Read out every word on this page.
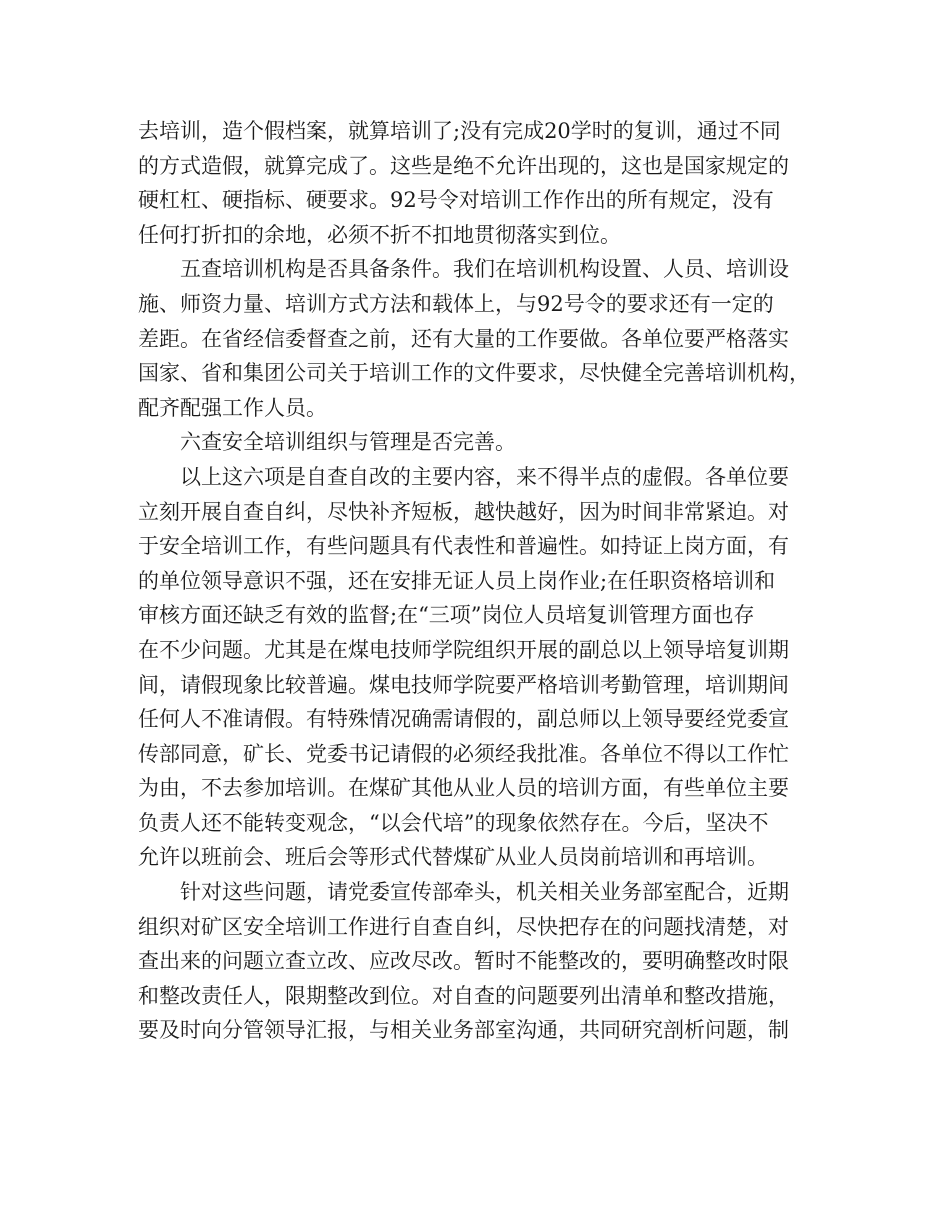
去培训，造个假档案，就算培训了;没有完成20学时的复训，通过不同
的方式造假，就算完成了。这些是绝不允许出现的，这也是国家规定的
硬杠杠、硬指标、硬要求。92号令对培训工作作出的所有规定，没有
任何打折扣的余地，必须不折不扣地贯彻落实到位。
五查培训机构是否具备条件。我们在培训机构设置、人员、培训设
施、师资力量、培训方式方法和载体上，与92号令的要求还有一定的
差距。在省经信委督查之前，还有大量的工作要做。各单位要严格落实
国家、省和集团公司关于培训工作的文件要求，尽快健全完善培训机构，
配齐配强工作人员。
六查安全培训组织与管理是否完善。
以上这六项是自查自改的主要内容，来不得半点的虚假。各单位要
立刻开展自查自纠，尽快补齐短板，越快越好，因为时间非常紧迫。对
于安全培训工作，有些问题具有代表性和普遍性。如持证上岗方面，有
的单位领导意识不强，还在安排无证人员上岗作业;在任职资格培训和
审核方面还缺乏有效的监督;在“三项”岗位人员培复训管理方面也存
在不少问题。尤其是在煤电技师学院组织开展的副总以上领导培复训期
间，请假现象比较普遍。煤电技师学院要严格培训考勤管理，培训期间
任何人不准请假。有特殊情况确需请假的，副总师以上领导要经党委宣
传部同意，矿长、党委书记请假的必须经我批准。各单位不得以工作忙
为由，不去参加培训。在煤矿其他从业人员的培训方面，有些单位主要
负责人还不能转变观念，“以会代培”的现象依然存在。今后，坚决不
允许以班前会、班后会等形式代替煤矿从业人员岗前培训和再培训。
针对这些问题，请党委宣传部牵头，机关相关业务部室配合，近期
组织对矿区安全培训工作进行自查自纠，尽快把存在的问题找清楚，对
查出来的问题立查立改、应改尽改。暂时不能整改的，要明确整改时限
和整改责任人，限期整改到位。对自查的问题要列出清单和整改措施，
要及时向分管领导汇报，与相关业务部室沟通，共同研究剖析问题，制
